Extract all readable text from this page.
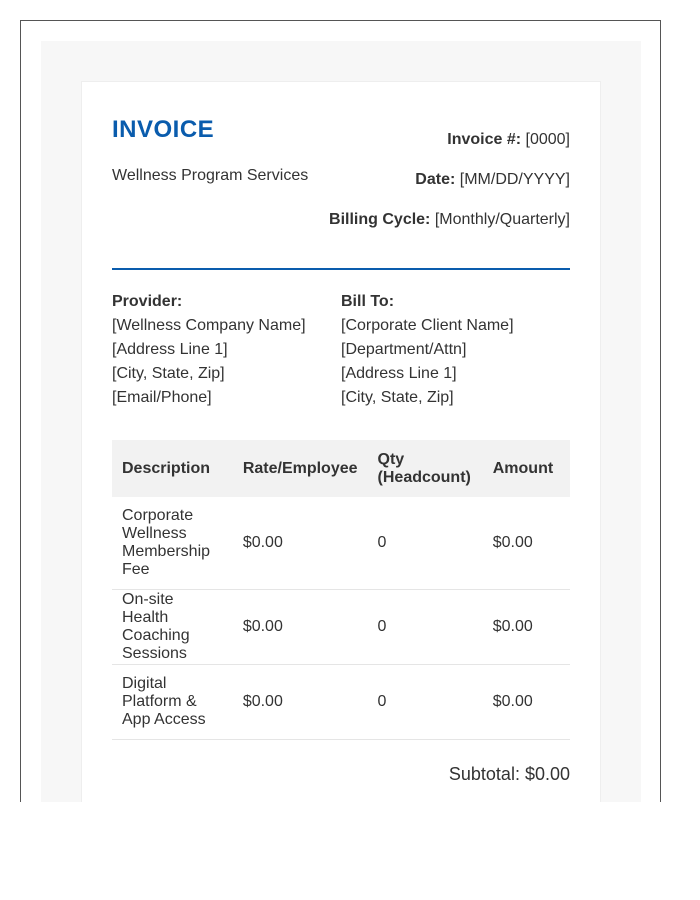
INVOICE
Wellness Program Services
Invoice #: [0000]
Date: [MM/DD/YYYY]
Billing Cycle: [Monthly/Quarterly]
Provider:
[Wellness Company Name]
[Address Line 1]
[City, State, Zip]
[Email/Phone]
Bill To:
[Corporate Client Name]
[Department/Attn]
[Address Line 1]
[City, State, Zip]
Description	Rate/Employee	Qty (Headcount)	Amount
Corporate Wellness Membership Fee	$0.00	0	$0.00
On-site Health Coaching Sessions	$0.00	0	$0.00
Digital Platform & App Access	$0.00	0	$0.00
Subtotal: $0.00
